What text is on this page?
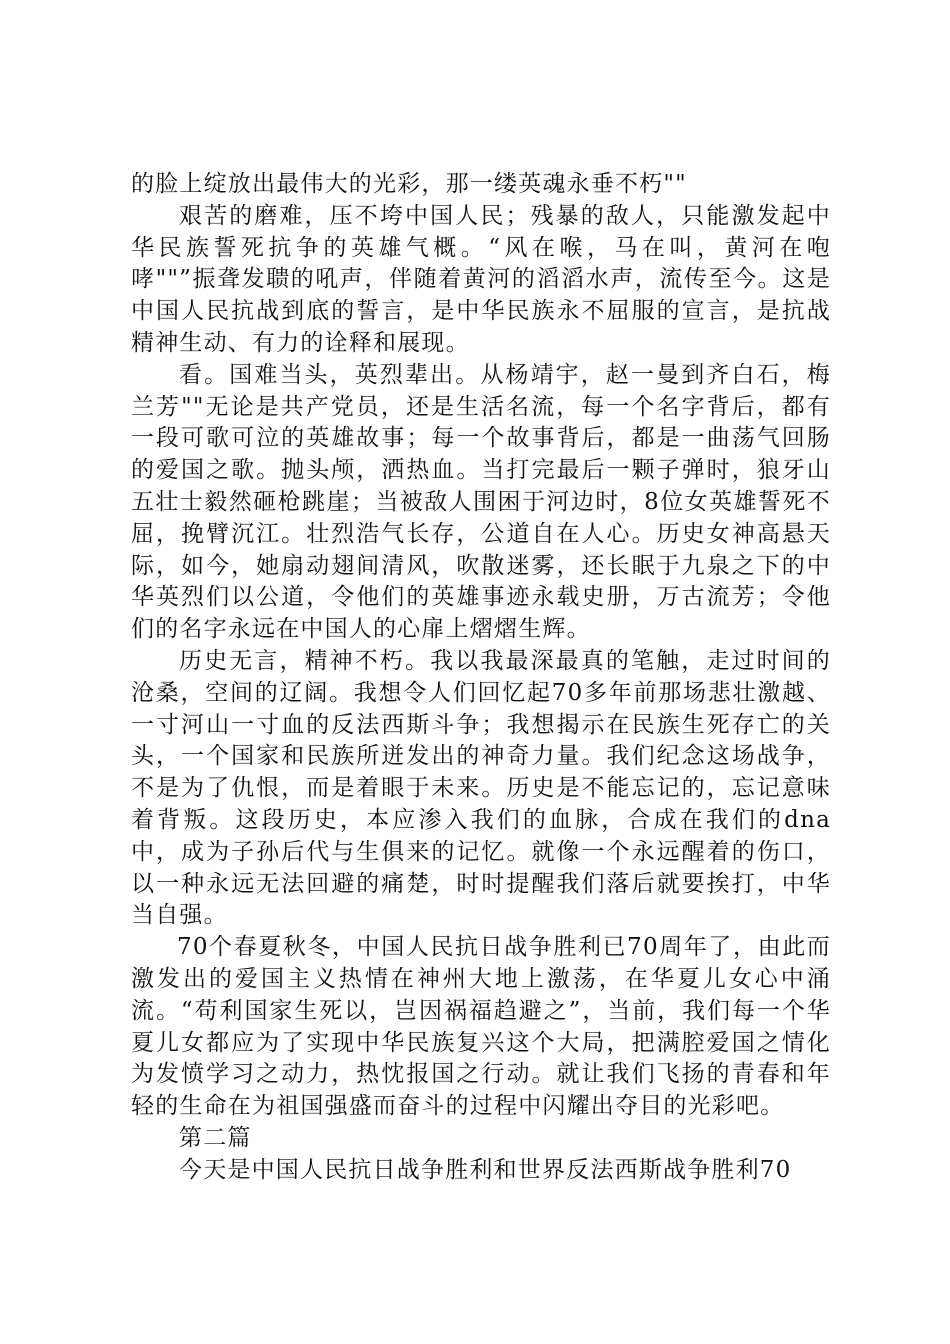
的脸上绽放出最伟大的光彩，那一缕英魂永垂不朽""

艰苦的磨难，压不垮中国人民；残暴的敌人，只能激发起中华民族誓死抗争的英雄气概。“风在喉，马在叫，黄河在咆哮""”振聋发聩的吼声，伴随着黄河的滔滔水声，流传至今。这是中国人民抗战到底的誓言，是中华民族永不屈服的宣言，是抗战精神生动、有力的诠释和展现。

看。国难当头，英烈辈出。从杨靖宇，赵一曼到齐白石，梅兰芳""无论是共产党员，还是生活名流，每一个名字背后，都有一段可歌可泣的英雄故事；每一个故事背后，都是一曲荡气回肠的爱国之歌。抛头颅，洒热血。当打完最后一颗子弹时，狼牙山五壮士毅然砸枪跳崖；当被敌人围困于河边时，8位女英雄誓死不屈，挽臂沉江。壮烈浩气长存，公道自在人心。历史女神高悬天际，如今，她扇动翅间清风，吹散迷雾，还长眠于九泉之下的中华英烈们以公道，令他们的英雄事迹永载史册，万古流芳；令他们的名字永远在中国人的心扉上熠熠生辉。

历史无言，精神不朽。我以我最深最真的笔触，走过时间的沧桑，空间的辽阔。我想令人们回忆起70多年前那场悲壮激越、一寸河山一寸血的反法西斯斗争；我想揭示在民族生死存亡的关头，一个国家和民族所迸发出的神奇力量。我们纪念这场战争，不是为了仇恨，而是着眼于未来。历史是不能忘记的，忘记意味着背叛。这段历史，本应渗入我们的血脉，合成在我们的dna中，成为子孙后代与生俱来的记忆。就像一个永远醒着的伤口，以一种永远无法回避的痛楚，时时提醒我们落后就要挨打，中华当自强。

70个春夏秋冬，中国人民抗日战争胜利已70周年了，由此而激发出的爱国主义热情在神州大地上激荡，在华夏儿女心中涌流。“苟利国家生死以，岂因祸福趋避之”，当前，我们每一个华夏儿女都应为了实现中华民族复兴这个大局，把满腔爱国之情化为发愤学习之动力，热忱报国之行动。就让我们飞扬的青春和年轻的生命在为祖国强盛而奋斗的过程中闪耀出夺目的光彩吧。

第二篇

今天是中国人民抗日战争胜利和世界反法西斯战争胜利70
